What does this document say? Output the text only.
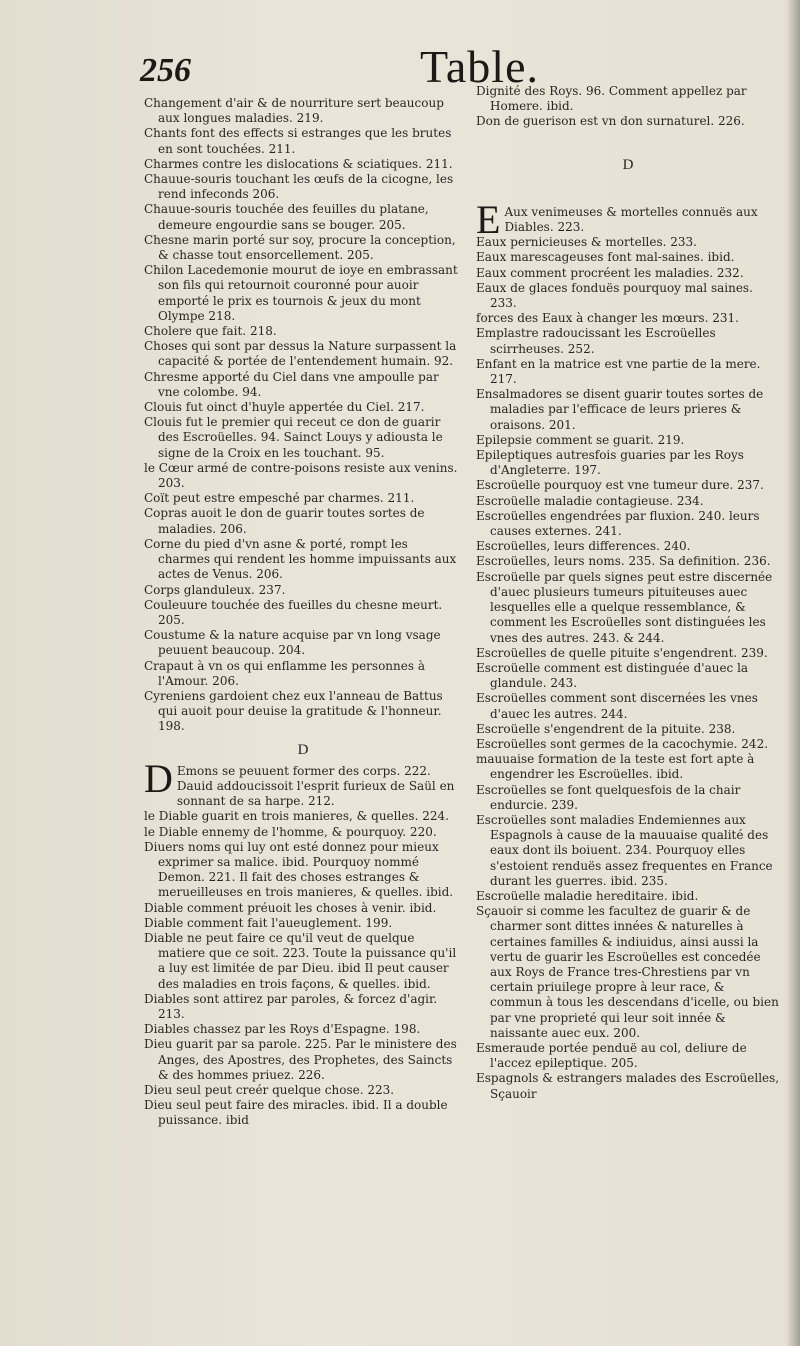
256	Table.

Changement d'air & de nourriture sert beaucoup aux longues maladies. 219.

Chants font des effects si estranges que les brutes en sont touchées. 211.

Charmes contre les dislocations & sciatiques. 211.

Chauue-souris touchant les œufs de la cicogne, les rend infeconds 206.

Chauue-souris touchée des feuilles du platane, demeure engourdie sans se bouger. 205.

Chesne marin porté sur soy, procure la conception, & chasse tout ensorcellement. 205.

Chilon Lacedemonie mourut de ioye en embrassant son fils qui retournoit couronné pour auoir emporté le prix es tournois & jeux du mont Olympe 218.

Cholere que fait. 218.

Choses qui sont par dessus la Nature surpassent la capacité & portée de l'entendement humain. 92.

Chresme apporté du Ciel dans vne ampoulle par vne colombe. 94.

Clouis fut oinct d'huyle appertée du Ciel. 217.

Clouis fut le premier qui receut ce don de guarir des Escroüelles. 94. Sainct Louys y adiousta le signe de la Croix en les touchant. 95.

le Cœur armé de contre-poisons resiste aux venins. 203.

Coït peut estre empesché par charmes. 211.

Copras auoit le don de guarir toutes sortes de maladies. 206.

Corne du pied d'vn asne & porté, rompt les charmes qui rendent les homme impuissants aux actes de Venus. 206.

Corps glanduleux. 237.

Couleuure touchée des fueilles du chesne meurt. 205.

Coustume & la nature acquise par vn long vsage peuuent beaucoup. 204.

Crapaut à vn os qui enflamme les personnes à l'Amour. 206.

Cyreniens gardoient chez eux l'anneau de Battus qui auoit pour deuise la gratitude & l'honneur. 198.

D
D Emons se peuuent former des corps. 222. Dauid addoucissoit l'esprit furieux de Saül en sonnant de sa harpe. 212.

le Diable guarit en trois manieres, & quelles. 224.

le Diable ennemy de l'homme, & pourquoy. 220.

Diuers noms qui luy ont esté donnez pour mieux exprimer sa malice. ibid. Pourquoy nommé Demon. 221. Il fait des choses estranges & merueilleuses en trois manieres, & quelles. ibid.

Diable comment préuoit les choses à venir. ibid.

Diable comment fait l'aueuglement. 199.

Diable ne peut faire ce qu'il veut de quelque matiere que ce soit. 223. Toute la puissance qu'il a luy est limitée de par Dieu. ibid Il peut causer des maladies en trois façons, & quelles. ibid.

Diables sont attirez par paroles, & forcez d'agir. 213.

Diables chassez par les Roys d'Espagne. 198.

Dieu guarit par sa parole. 225. Par le ministere des Anges, des Apostres, des Prophetes, des Saincts & des hommes priuez. 226.

Dieu seul peut creér quelque chose. 223.

Dieu seul peut faire des miracles. ibid. Il a double puissance. ibid

Dignité des Roys. 96. Comment appellez par Homere. ibid.

Don de guerison est vn don surnaturel. 226.

D
E Aux venimeuses & mortelles connuës aux Diables. 223.

Eaux pernicieuses & mortelles. 233.

Eaux marescageuses font mal-saines. ibid.

Eaux comment procréent les maladies. 232.

Eaux de glaces fonduës pourquoy mal saines. 233.

forces des Eaux à changer les mœurs. 231.

Emplastre radoucissant les Escroüelles scirrheuses. 252.

Enfant en la matrice est vne partie de la mere. 217.

Ensalmadores se disent guarir toutes sortes de maladies par l'efficace de leurs prieres & oraisons. 201.

Epilepsie comment se guarit. 219.

Epileptiques autresfois guaries par les Roys d'Angleterre. 197.

Escroüelle pourquoy est vne tumeur dure. 237.

Escroüelle maladie contagieuse. 234.

Escroüelles engendrées par fluxion. 240. leurs causes externes. 241.

Escroüelles, leurs differences. 240.

Escroüelles, leurs noms. 235. Sa definition. 236.

Escroüelle par quels signes peut estre discernée d'auec plusieurs tumeurs pituiteuses auec lesquelles elle a quelque ressemblance, & comment les Escroüelles sont distinguées les vnes des autres. 243. & 244.

Escroüelles de quelle pituite s'engendrent. 239.

Escroüelle comment est distinguée d'auec la glandule. 243.

Escroüelles comment sont discernées les vnes d'auec les autres. 244.

Escroüelle s'engendrent de la pituite. 238.

Escroüelles sont germes de la cacochymie. 242.

mauuaise formation de la teste est fort apte à engendrer les Escroüelles. ibid.

Escroüelles se font quelquesfois de la chair endurcie. 239.

Escroüelles sont maladies Endemiennes aux Espagnols à cause de la mauuaise qualité des eaux dont ils boiuent. 234. Pourquoy elles s'estoient renduës assez frequentes en France durant les guerres. ibid. 235.

Escroüelle maladie hereditaire. ibid.

Sçauoir si comme les facultez de guarir & de charmer sont dittes innées & naturelles à certaines familles & indiuidus, ainsi aussi la vertu de guarir les Escroüelles est concedée aux Roys de France tres-Chrestiens par vn certain priuilege propre à leur race, & commun à tous les descendans d'icelle, ou bien par vne proprieté qui leur soit innée & naissante auec eux. 200.

Esmeraude portée penduë au col, deliure de l'accez epileptique. 205.

Espagnols & estrangers malades des Escroüelles, Sçauoir
